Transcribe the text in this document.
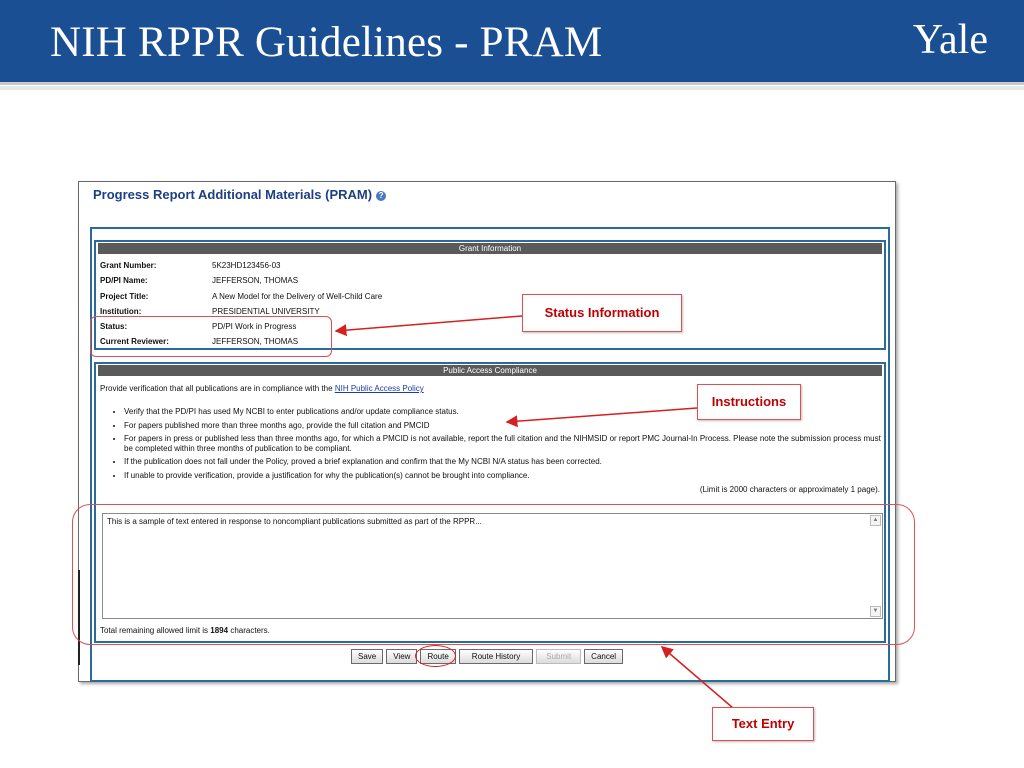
NIH RPPR Guidelines - PRAM	Yale
Progress Report Additional Materials (PRAM) ?
Grant Information
Grant Number:	5K23HD123456-03
PD/PI Name:	JEFFERSON, THOMAS
Project Title:	A New Model for the Delivery of Well-Child Care
Institution:	PRESIDENTIAL UNIVERSITY
Status:	PD/PI Work in Progress
Current Reviewer:	JEFFERSON, THOMAS
Public Access Compliance
Provide verification that all publications are in compliance with the NIH Public Access Policy
• Verify that the PD/PI has used My NCBI to enter publications and/or update compliance status.
• For papers published more than three months ago, provide the full citation and PMCID
• For papers in press or published less than three months ago, for which a PMCID is not available, report the full citation and the NIHMSID or report PMC Journal-In Process. Please note the submission process must be completed within three months of publication to be compliant.
• If the publication does not fall under the Policy, proved a brief explanation and confirm that the My NCBI N/A status has been corrected.
• If unable to provide verification, provide a justification for why the publication(s) cannot be brought into compliance.
(Limit is 2000 characters or approximately 1 page).
This is a sample of text entered in response to noncompliant publications submitted as part of the RPPR...	▲
▼
Total remaining allowed limit is 1894 characters.
Save View Route	Route History	Submit	Cancel
Status Information
Instructions
Text Entry
